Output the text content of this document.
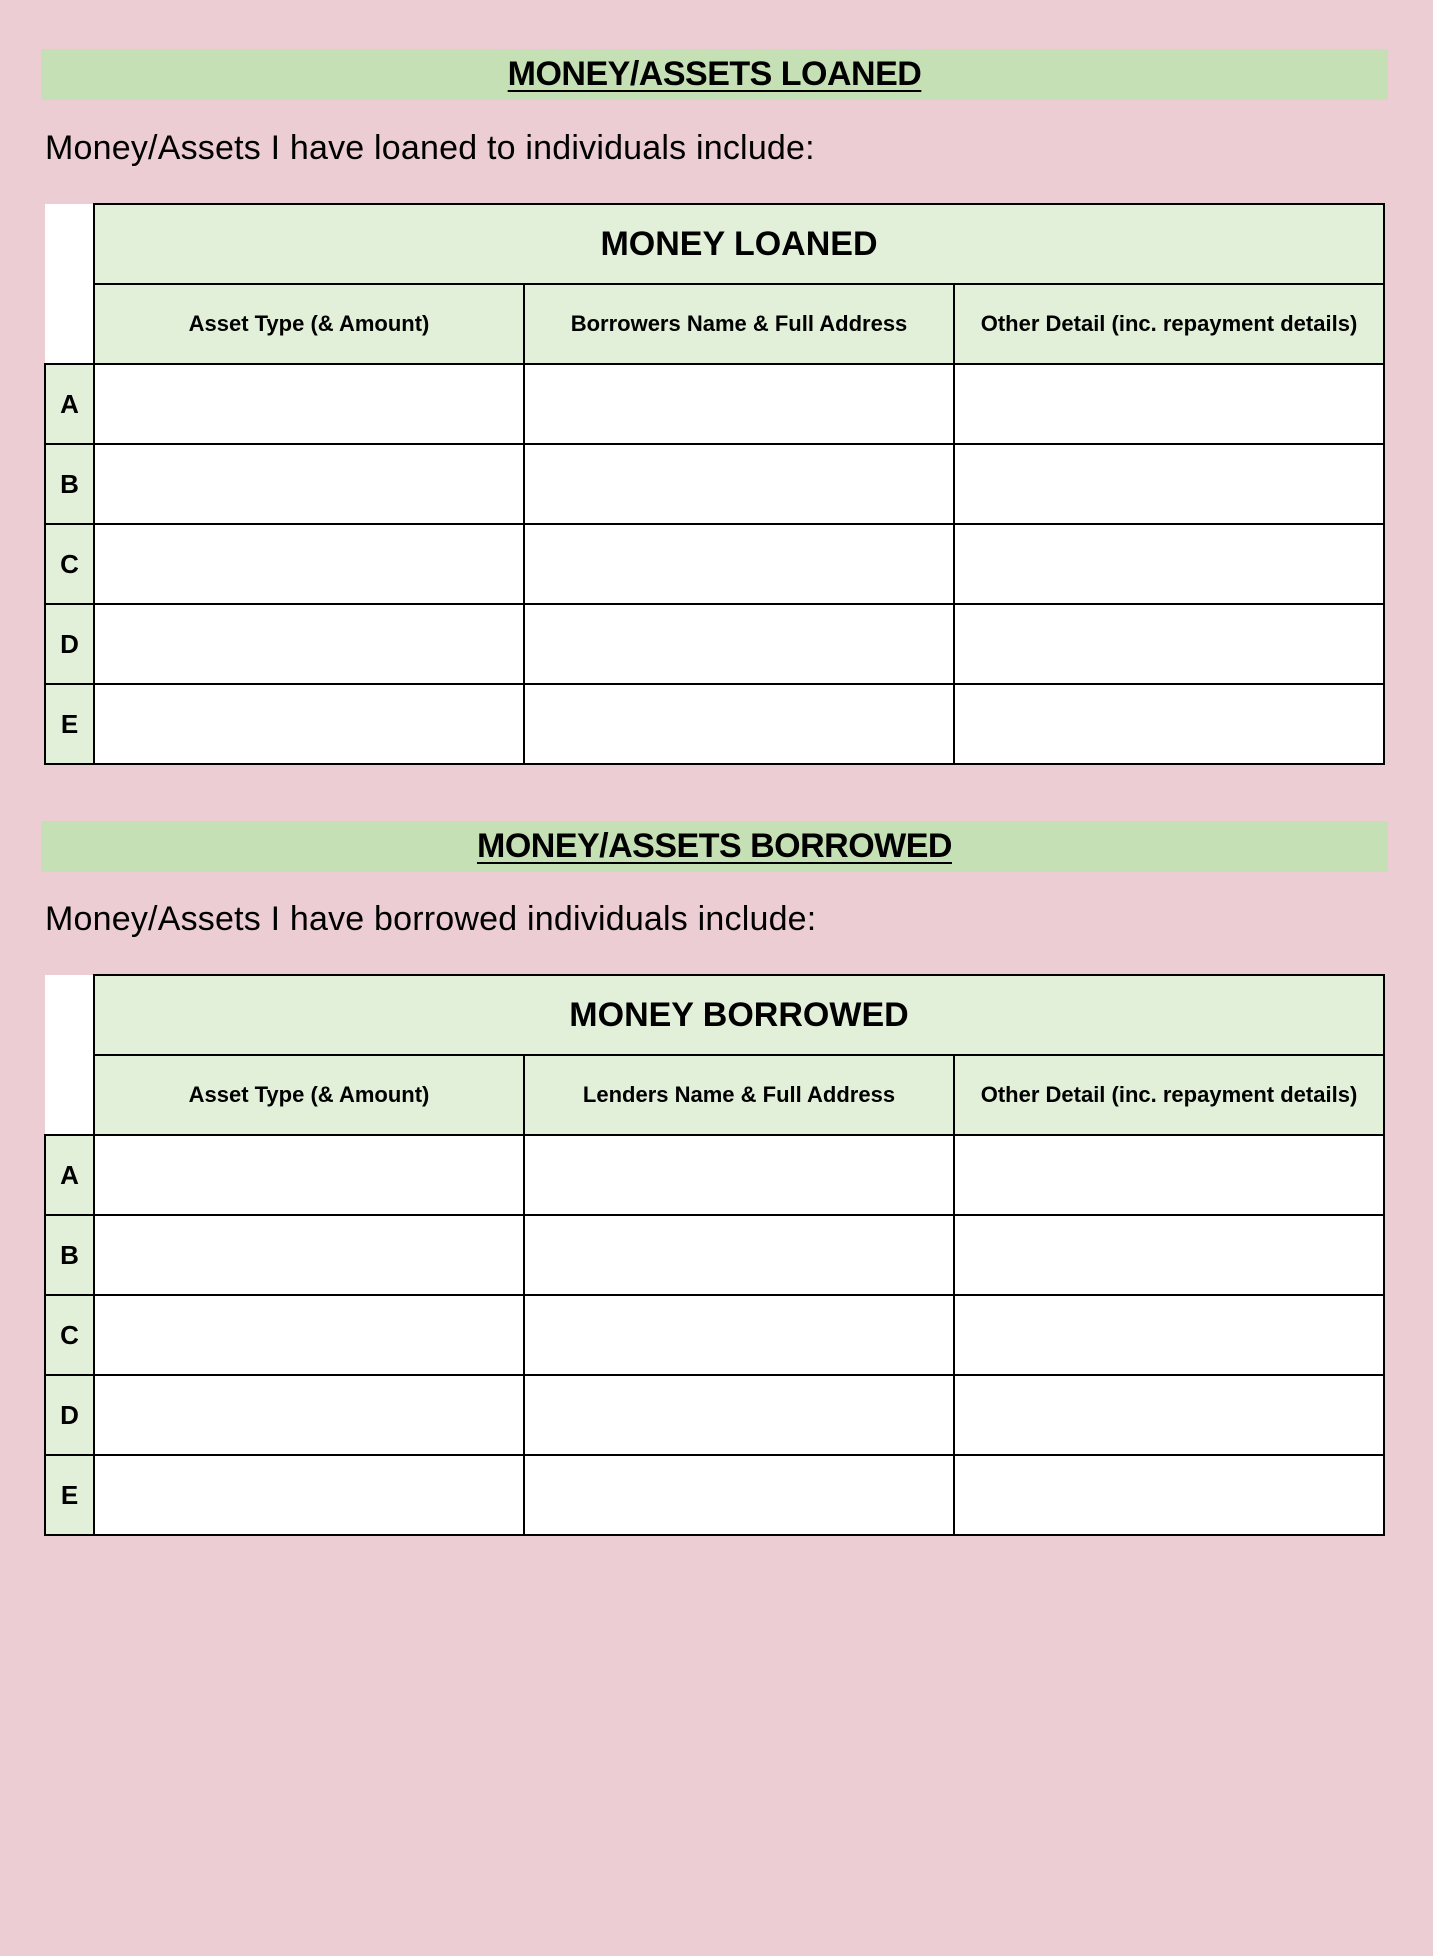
MONEY/ASSETS LOANED
Money/Assets I have loaned to individuals include:
	MONEY LOANED		
	Asset Type (& Amount)	Borrowers Name & Full Address	Other Detail (inc. repayment details)
A			
B			
C			
D			
E			
MONEY/ASSETS BORROWED
Money/Assets I have borrowed individuals include:
	MONEY BORROWED		
	Asset Type (& Amount)	Lenders Name & Full Address	Other Detail (inc. repayment details)
A			
B			
C			
D			
E			
